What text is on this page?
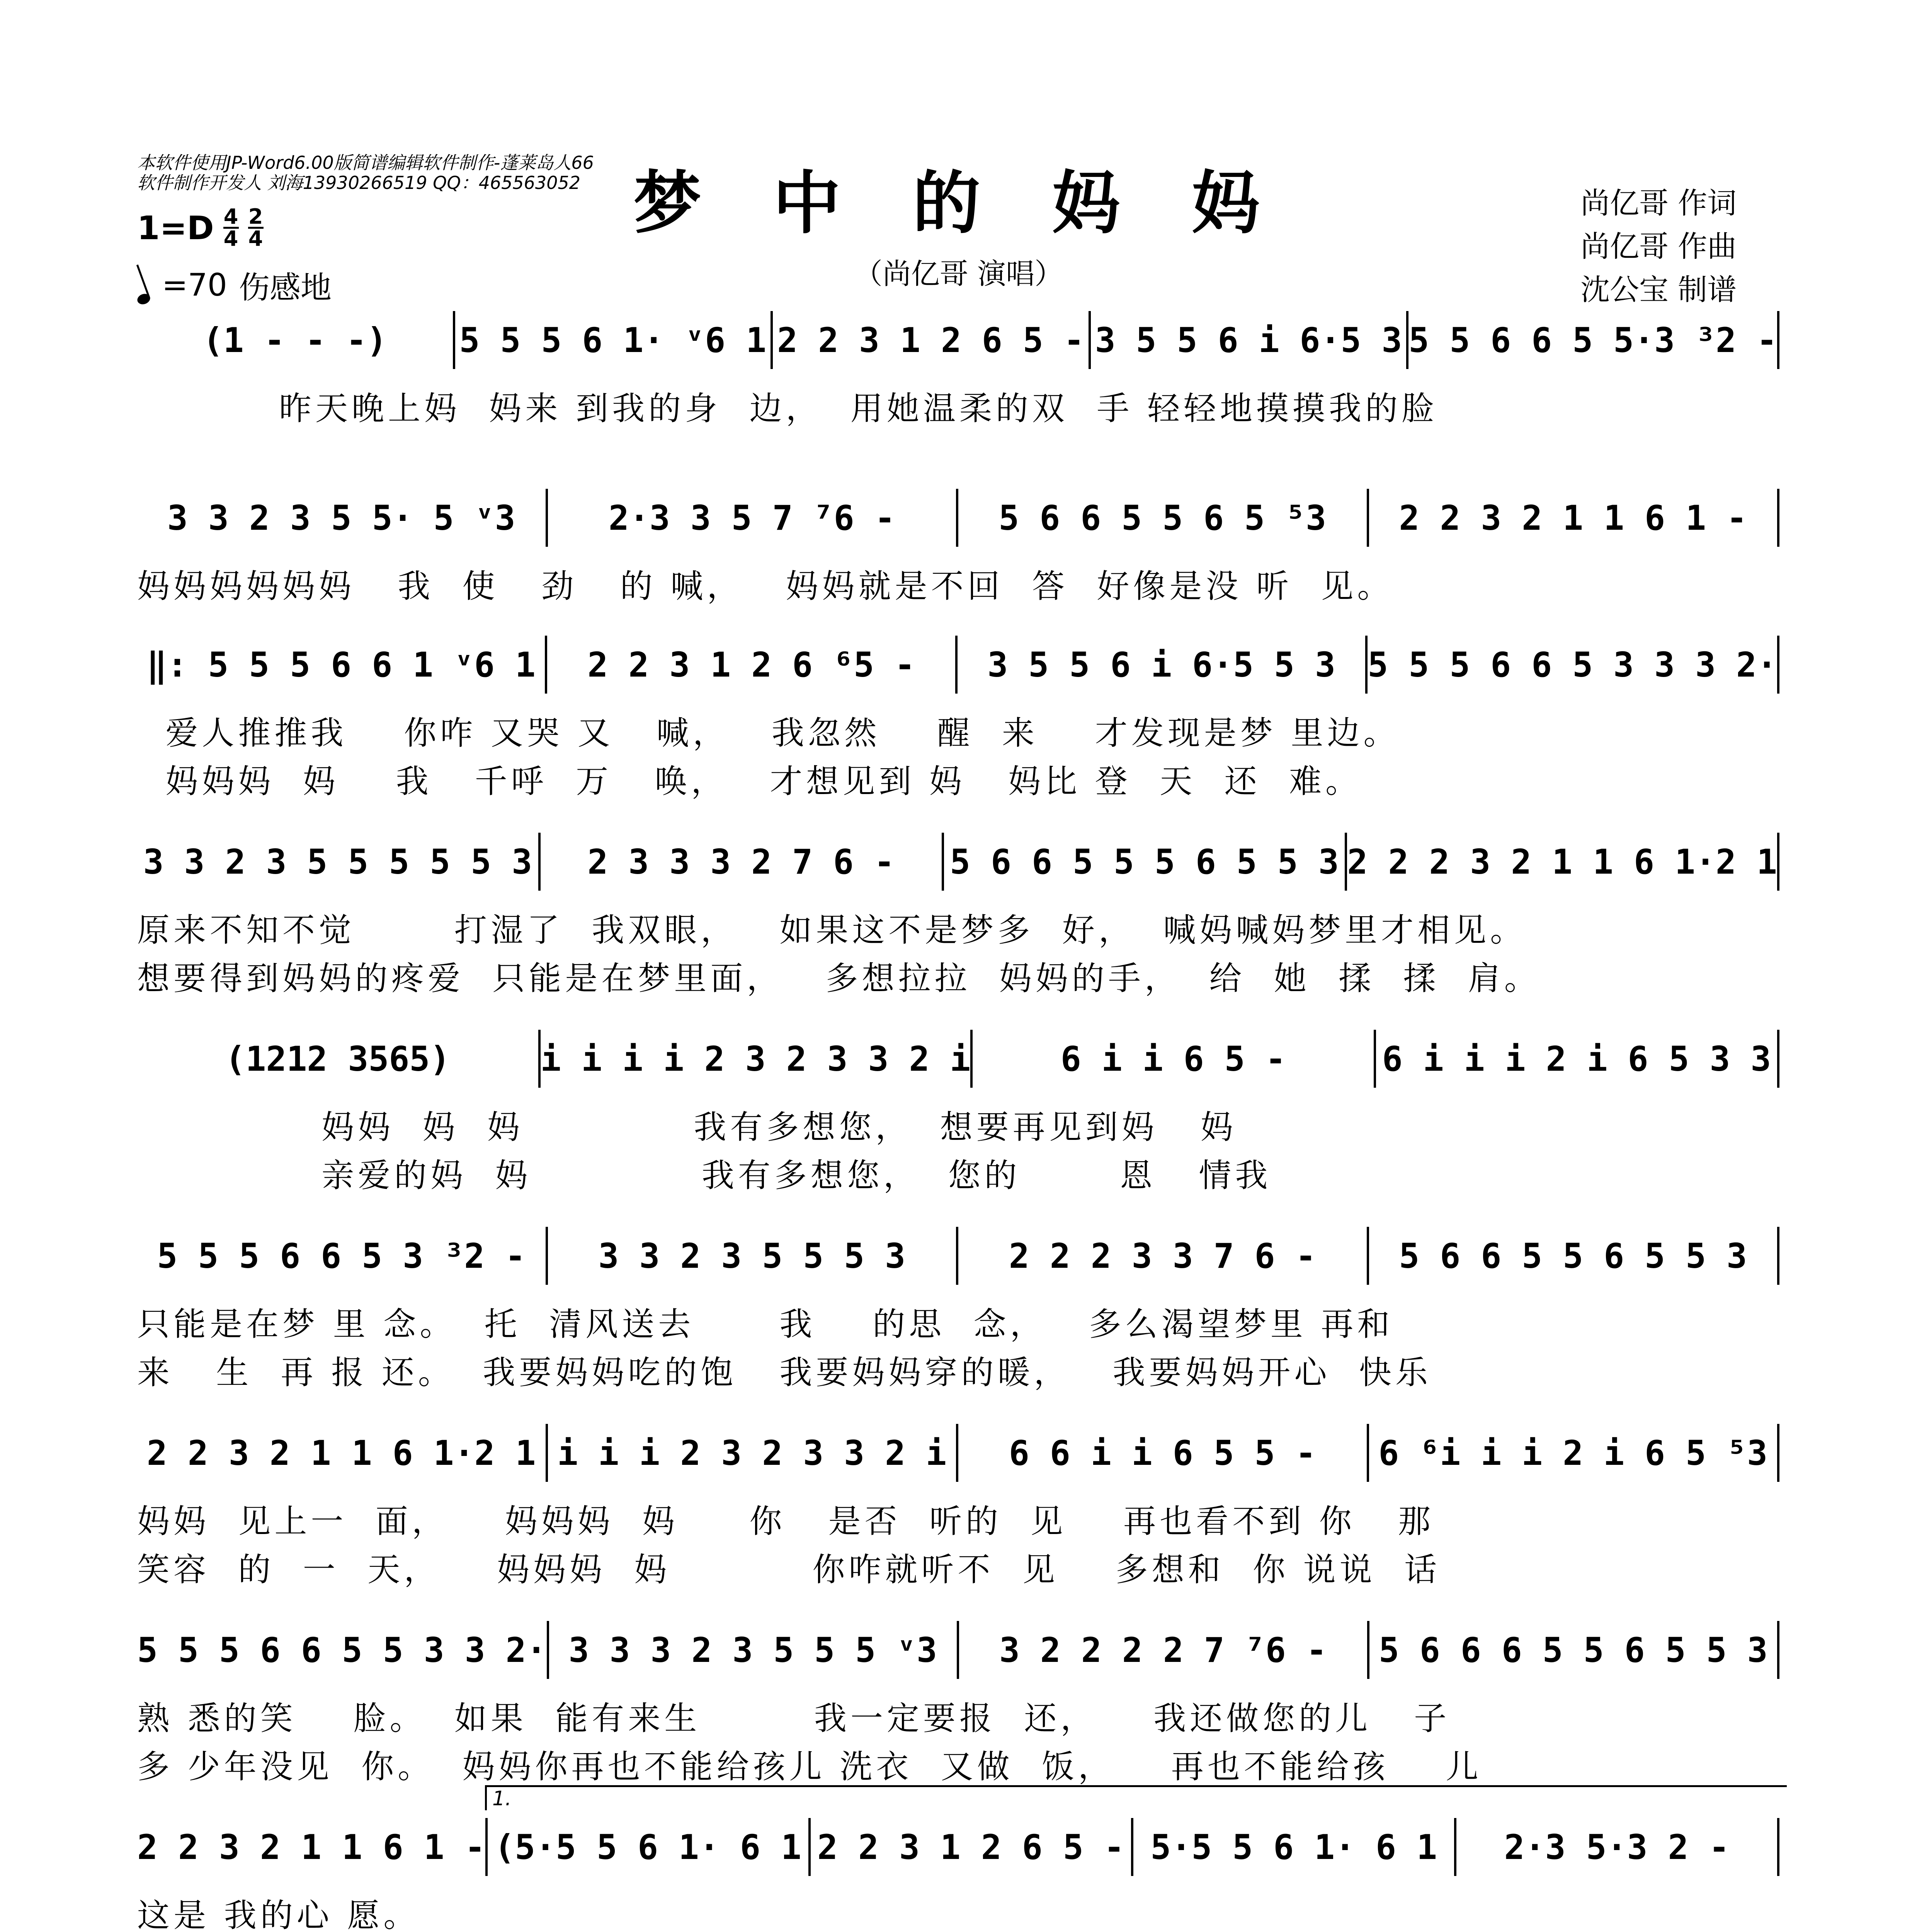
本软件使用JP-Word6.00版简谱编辑软件制作-蓬莱岛人66
软件制作开发人 刘海13930266519 QQ：465563052 梦 中 的 妈 妈
（尚亿哥 演唱）
尚亿哥 作词
尚亿哥 作曲
沈公宝 制谱
1=D 4
4
2
4
=70 伤感地
(1 - - -)	5 5 5 6 1· ᵛ6 1 2 2 3 1 2 6 5 - 3 5 5 6 i 6·5 3 5 5 6 6 5 5·3 ³2 -
昨天晚上妈  妈来 到我的身  边，  用她温柔的双  手 轻轻地摸摸我的脸
3 3 2 3 5 5· 5 ᵛ3	2·3 3 5 7 ⁷6 -	5 6 6 5 5 6 5 ⁵3	2 2 3 2 1 1 6 1 -
妈妈妈妈妈妈   我  使   劲   的 喊，   妈妈就是不回  答  好像是没 听  见。
‖: 5 5 5 6 6 1 ᵛ6 1	2 2 3 1 2 6 ⁶5 -	3 5 5 6 i 6·5 5 3 5 5 5 6 6 5 3 3 3 2·
爱人推推我    你咋 又哭 又   喊，   我忽然    醒  来    才发现是梦 里边。
妈妈妈  妈    我   千呼  万   唤，   才想见到 妈   妈比 登  天  还  难。
3 3 2 3 5 5 5 5 5 3	2 3 3 3 2 7 6 -	5 6 6 5 5 5 6 5 5 3 2 2 2 3 2 1 1 6 1·2 1
原来不知不觉       打湿了  我双眼，   如果这不是梦多  好，  喊妈喊妈梦里才相见。
想要得到妈妈的疼爱  只能是在梦里面，   多想拉拉  妈妈的手，  给  她  揉  揉  肩。
(1212 3565)	i i i i 2 3 2 3 3 2 i	6 i i 6 5 -	6 i i i 2 i 6 5 3 3
妈妈  妈  妈            我有多想您，  想要再见到妈   妈
亲爱的妈  妈            我有多想您，  您的       恩   情我
5 5 5 6 6 5 3 ³2 -	3 3 2 3 5 5 5 3	2 2 2 3 3 7 6 -	5 6 6 5 5 6 5 5 3
只能是在梦 里 念。  托  清风送去      我    的思  念，   多么渴望梦里 再和
来   生  再 报 还。  我要妈妈吃的饱   我要妈妈穿的暖，   我要妈妈开心  快乐
2 2 3 2 1 1 6 1·2 1 i i i 2 3 2 3 3 2 i	6 6 i i 6 5 5 -	6 ⁶i i i 2 i 6 5 ⁵3
妈妈  见上一  面，    妈妈妈  妈     你   是否  听的  见    再也看不到 你   那
笑容  的  一  天，    妈妈妈  妈          你咋就听不  见    多想和  你 说说  话
5 5 5 6 6 5 5 3 3 2· 3 3 3 2 3 5 5 5 ᵛ3	3 2 2 2 2 7 ⁷6 -	5 6 6 6 5 5 6 5 5 3
熟 悉的笑    脸。  如果  能有来生        我一定要报  还，    我还做您的儿   子
多 少年没见  你。  妈妈你再也不能给孩儿 洗衣  又做  饭，    再也不能给孩    儿
1.
2 2 3 2 1 1 6 1 - (5·5 5 6 1· 6 1 2 2 3 1 2 6 5 - 5·5 5 6 1· 6 1	2·3 5·3 2 -
这是 我的心 愿。
